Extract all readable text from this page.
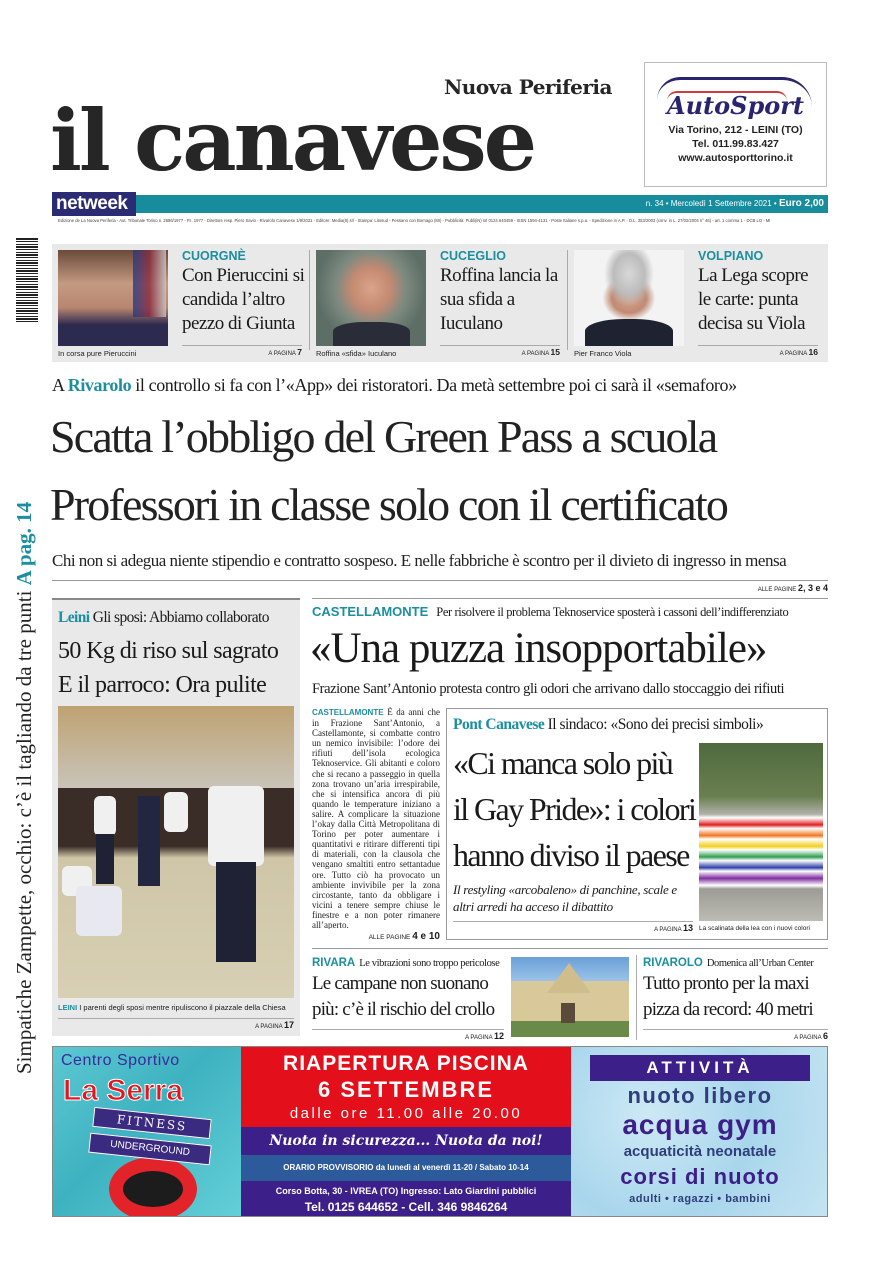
Nuova Periferia
il canavese	AutoSport
Via Torino, 212 - LEINI (TO)
Tel. 011.99.83.427
www.autosporttorino.it
netweek	n. 34 • Mercoledì 1 Settembre 2021 • Euro 2,00
Edizione de La Nuova Periferia - Aut. Tribunale Torino n. 2686/1977 - P.I. 1977 - Direttore resp. Piero Savio - Rivarolo Canavese 1/9/2021 - Editore: Media(8) srl - Stampa: Litosud - Pessano con Bornago (MI) - Pubblicità: Publi(iN) srl 0124.640459 - ISSN 1594-4131 - Poste Italiane s.p.a. - Spedizione in A.P. - D.L. 353/2003 (conv. in L. 27/02/2004 n° 46) - art. 1 comma 1 - DCB LO - MI
Simpatiche Zampette, occhio: c’è il tagliando da tre punti A pag. 14
In corsa pure Pieruccini
CUORGNÈ
Con Pieruccini si candida l’altro pezzo di Giunta
A PAGINA 7 Roffina «sfida» Iuculano
CUCEGLIO
Roffina lancia la sua sfida a Iuculano
A PAGINA 15 Pier Franco Viola
VOLPIANO
La Lega scopre le carte: punta decisa su Viola
A PAGINA 16
A Rivarolo il controllo si fa con l’«App» dei ristoratori. Da metà settembre poi ci sarà il «semaforo»
Scatta l’obbligo del Green Pass a scuola
Professori in classe solo con il certificato
Chi non si adegua niente stipendio e contratto sospeso. E nelle fabbriche è scontro per il divieto di ingresso in mensa
ALLE PAGINE 2, 3 e 4
Leini Gli sposi: Abbiamo collaborato
50 Kg di riso sul sagrato
E il parroco: Ora pulite
LEINI I parenti degli sposi mentre ripuliscono il piazzale della Chiesa
A PAGINA 17
CASTELLAMONTE Per risolvere il problema Teknoservice sposterà i cassoni dell’indifferenziato
«Una puzza insopportabile»
Frazione Sant’Antonio protesta contro gli odori che arrivano dallo stoccaggio dei rifiuti
CASTELLAMONTE È da anni che in Frazione Sant’Antonio, a Castellamonte, si combatte contro un nemico invisibile: l’odore dei rifiuti dell’isola ecologica Teknoservice. Gli abitanti e coloro che si recano a passeggio in quella zona trovano un’aria irrespirabile, che si intensifica ancora di più quando le temperature iniziano a salire. A complicare la situazione l’okay dalla Città Metropolitana di Torino per poter aumentare i quantitativi e ritirare differenti tipi di materiali, con la clausola che vengano smaltiti entro settantadue ore. Tutto ciò ha provocato un ambiente invivibile per la zona circostante, tanto da obbligare i vicini a tenere sempre chiuse le finestre e a non poter rimanere all’aperto.
ALLE PAGINE 4 e 10
Pont Canavese Il sindaco: «Sono dei precisi simboli»
«Ci manca solo più
il Gay Pride»: i colori
hanno diviso il paese
Il restyling «arcobaleno» di panchine, scale e altri arredi ha acceso il dibattito
A PAGINA 13 La scalinata della lea con i nuovi colori
RIVARA Le vibrazioni sono troppo pericolose
Le campane non suonano
più: c’è il rischio del crollo
A PAGINA 12
RIVAROLO Domenica all’Urban Center
Tutto pronto per la maxi
pizza da record: 40 metri
A PAGINA 6
Centro Sportivo
La Serra
FITNESS
UNDERGROUND
RIAPERTURA PISCINA
6 SETTEMBRE
dalle ore 11.00 alle 20.00
Nuota in sicurezza... Nuota da noi!
ORARIO PROVVISORIO da lunedì al venerdì 11-20 / Sabato 10-14
Corso Botta, 30 - IVREA (TO) Ingresso: Lato Giardini pubblici
Tel. 0125 644652 - Cell. 346 9846264
ATTIVITÀ
nuoto libero
acqua gym
acquaticità neonatale
corsi di nuoto
adulti • ragazzi • bambini
